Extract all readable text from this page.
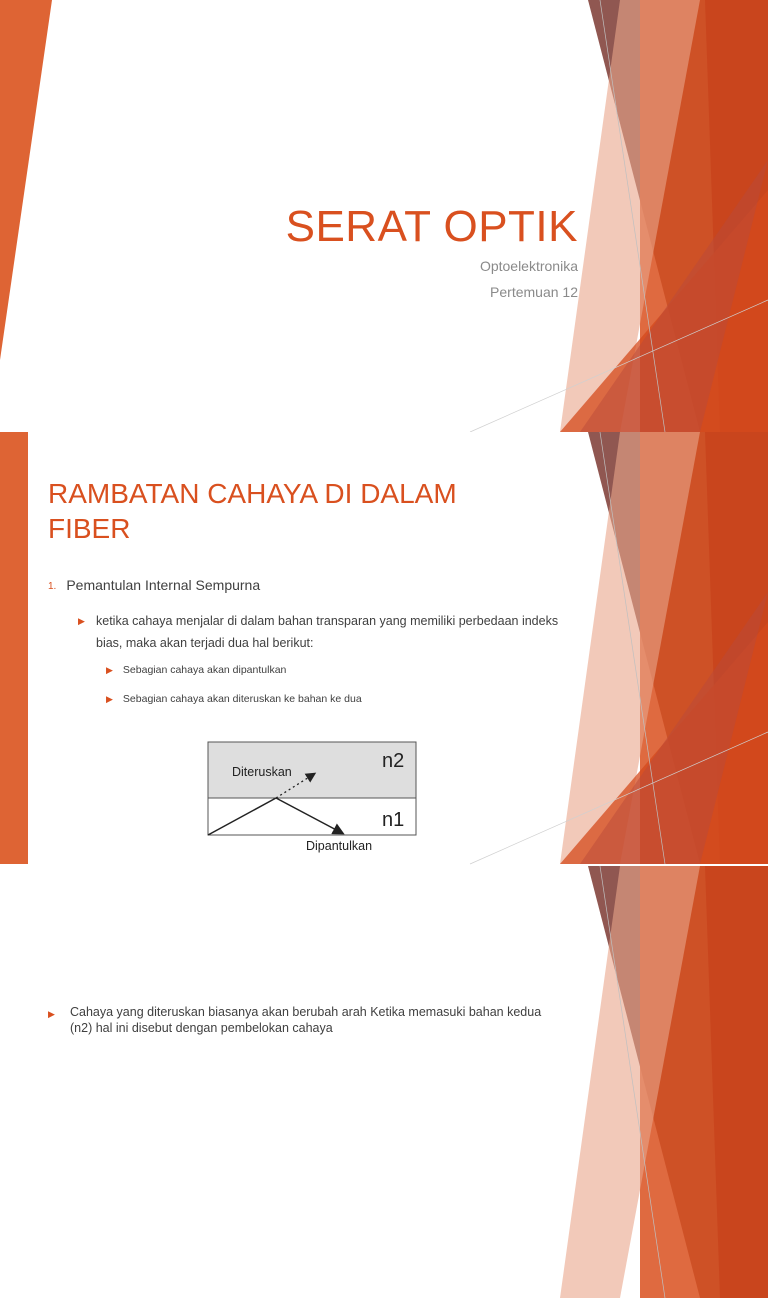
SERAT OPTIK
Optoelektronika
Pertemuan 12
RAMBATAN CAHAYA DI DALAM FIBER
1. Pemantulan Internal Sempurna
▶ ketika cahaya menjalar di dalam bahan transparan yang memiliki perbedaan indeks bias, maka akan terjadi dua hal berikut:
▶ Sebagian cahaya akan dipantulkan
▶ Sebagian cahaya akan diteruskan ke bahan ke dua
Diteruskan	n2
n1
Dipantulkan
▶	Cahaya yang diteruskan biasanya akan berubah arah Ketika memasuki bahan kedua (n2) hal ini disebut dengan pembelokan cahaya
